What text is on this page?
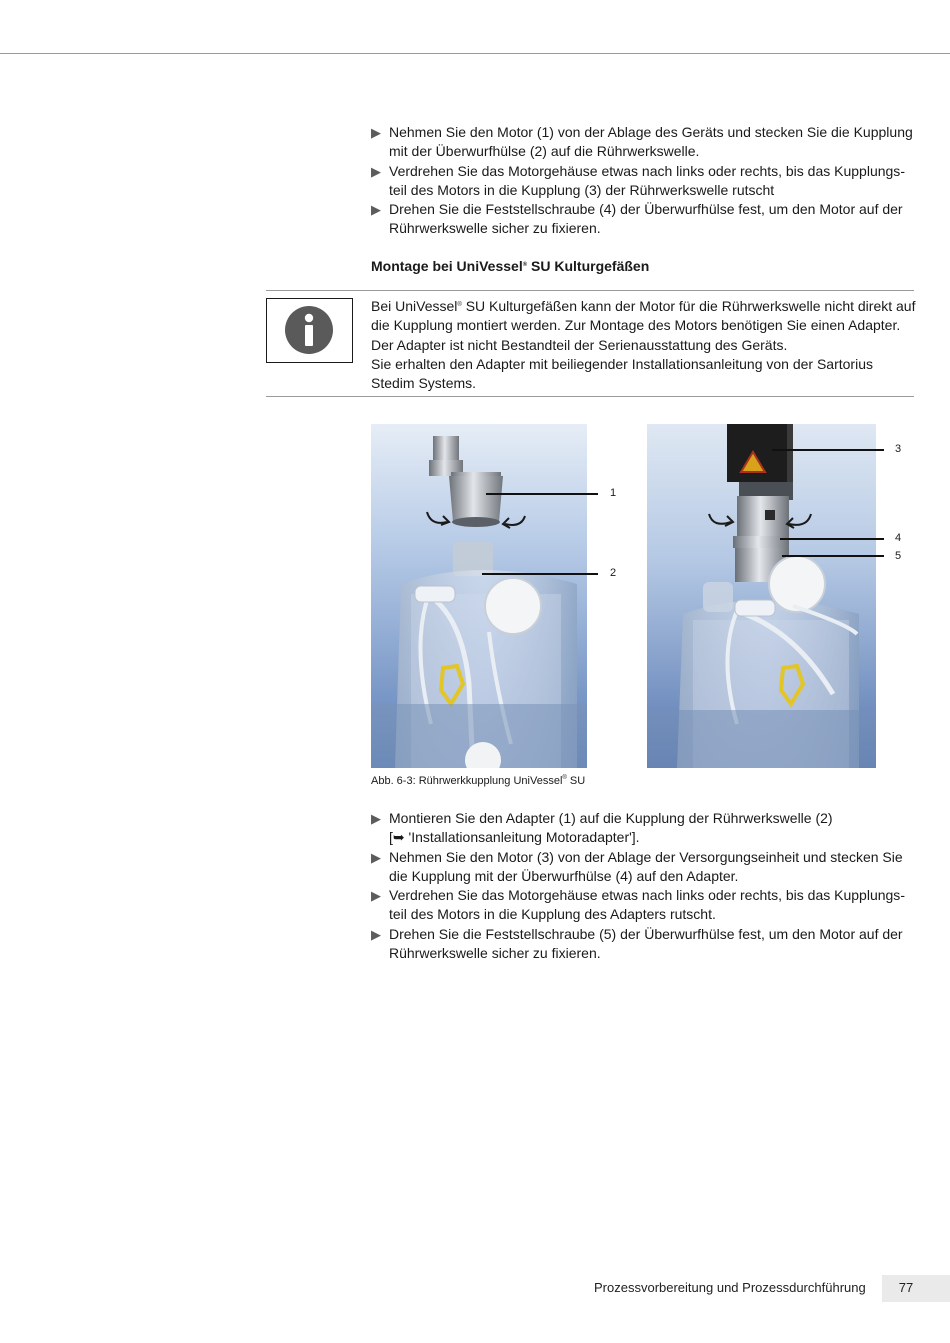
▶ Nehmen Sie den Motor (1) von der Ablage des Geräts und stecken Sie die Kupplung mit der Überwurfhülse (2) auf die Rührwerkswelle.
▶ Verdrehen Sie das Motorgehäuse etwas nach links oder rechts, bis das Kupplungsteil des Motors in die Kupplung (3) der Rührwerkswelle rutscht
▶ Drehen Sie die Feststellschraube (4) der Überwurfhülse fest, um den Motor auf der Rührwerkswelle sicher zu fixieren.
Montage bei UniVessel® SU Kulturgefäßen
Bei UniVessel® SU Kulturgefäßen kann der Motor für die Rührwerkswelle nicht direkt auf die Kupplung montiert werden. Zur Montage des Motors benötigen Sie einen Adapter. Der Adapter ist nicht Bestandteil der Serienausstattung des Geräts.
Sie erhalten den Adapter mit beiliegender Installationsanleitung von der Sartorius Stedim Systems.
1
2
3
4
5
Abb. 6-3: Rührwerkkupplung UniVessel® SU
▶ Montieren Sie den Adapter (1) auf die Kupplung der Rührwerkswelle (2)
[➥ 'Installationsanleitung Motoradapter'].
▶ Nehmen Sie den Motor (3) von der Ablage der Versorgungseinheit und stecken Sie die Kupplung mit der Überwurfhülse (4) auf den Adapter.
▶ Verdrehen Sie das Motorgehäuse etwas nach links oder rechts, bis das Kupplungsteil des Motors in die Kupplung des Adapters rutscht.
▶ Drehen Sie die Feststellschraube (5) der Überwurfhülse fest, um den Motor auf der Rührwerkswelle sicher zu fixieren.
Prozessvorbereitung und Prozessdurchführung	77
